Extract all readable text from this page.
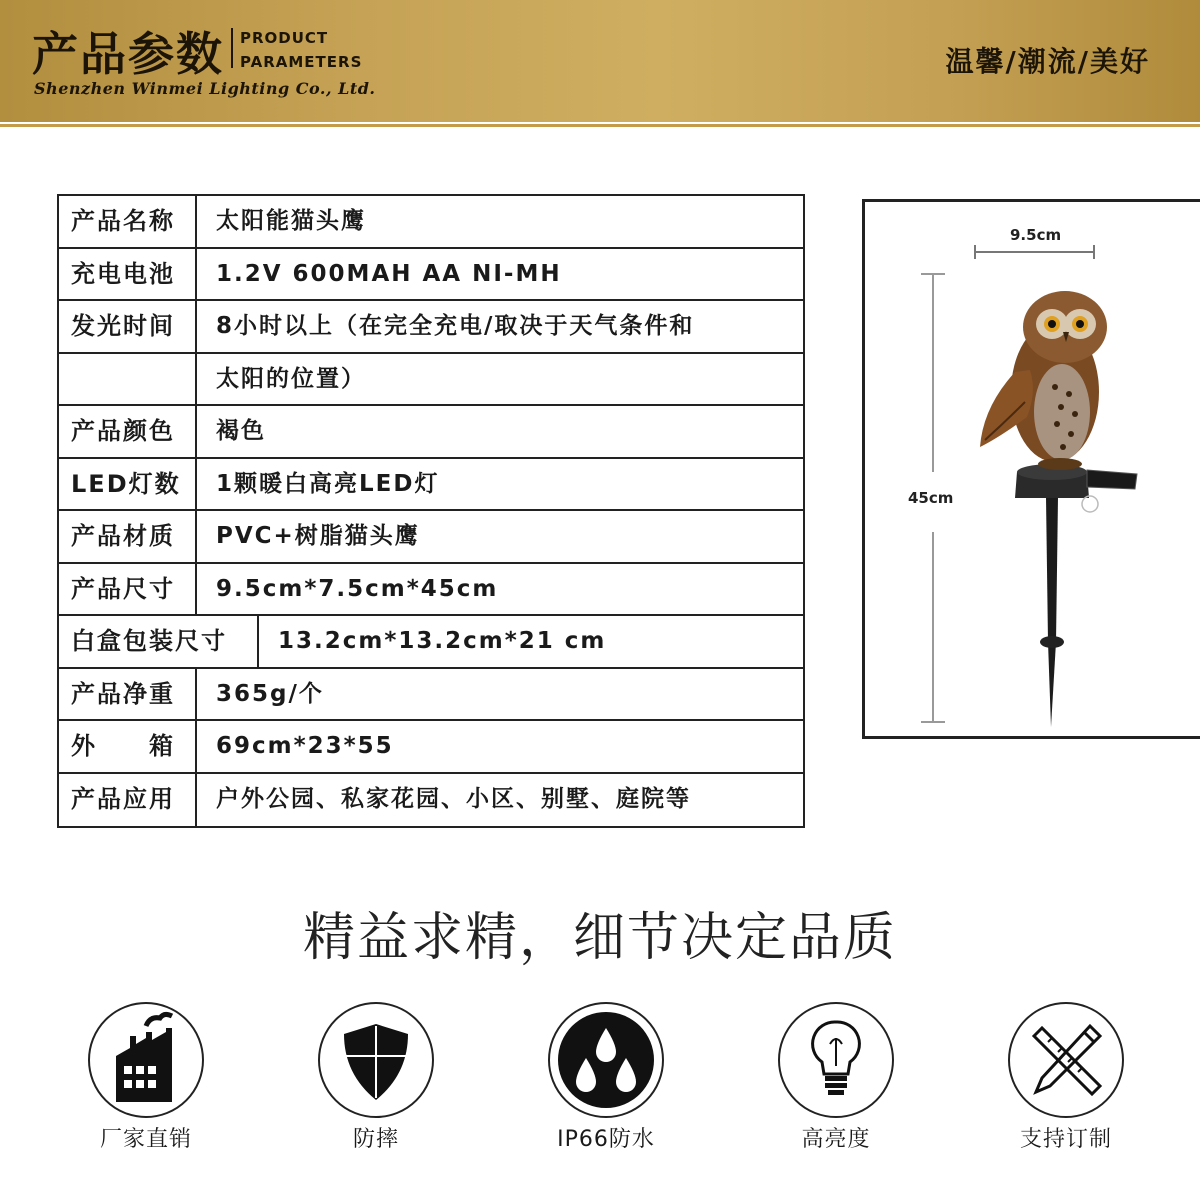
产品参数 PRODUCT
PARAMETERS
Shenzhen Winmei Lighting Co., Ltd.
温馨/潮流/美好
产品名称	太阳能猫头鹰
充电电池	1.2V 600MAH AA NI-MH
发光时间	8小时以上（在完全充电/取决于天气条件和
太阳的位置）
产品颜色	褐色
LED灯数	1颗暖白高亮LED灯
产品材质	PVC+树脂猫头鹰
产品尺寸	9.5cm*7.5cm*45cm
白盒包装尺寸	13.2cm*13.2cm*21 cm
产品净重	365g/个
外　　箱	69cm*23*55
产品应用	户外公园、私家花园、小区、别墅、庭院等
9.5cm
45cm
精益求精，细节决定品质
厂家直销	防摔	IP66防水	高亮度	支持订制
